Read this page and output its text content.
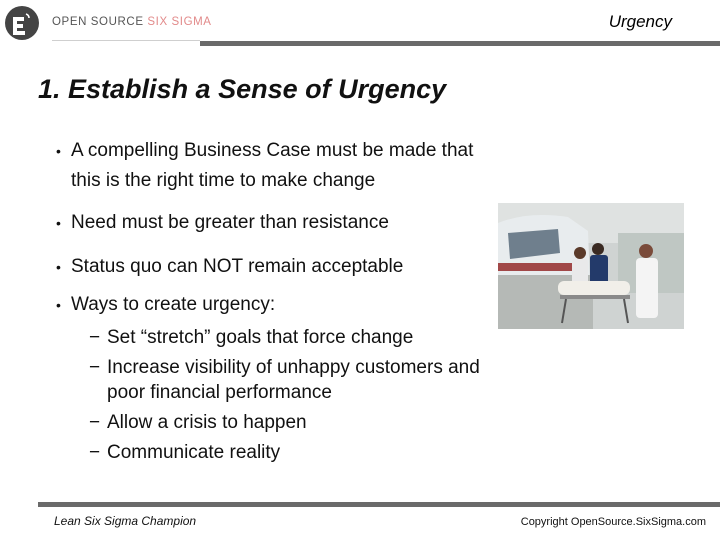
OPEN SOURCE SIX SIGMA	Urgency
1. Establish a Sense of Urgency
• A compelling Business Case must be made that this is the right time to make change
• Need must be greater than resistance
• Status quo can NOT remain acceptable
• Ways to create urgency:
− Set “stretch” goals that force change
− Increase visibility of unhappy customers and poor financial performance
− Allow a crisis to happen
− Communicate reality
Lean Six Sigma Champion	Copyright OpenSource.SixSigma.com
